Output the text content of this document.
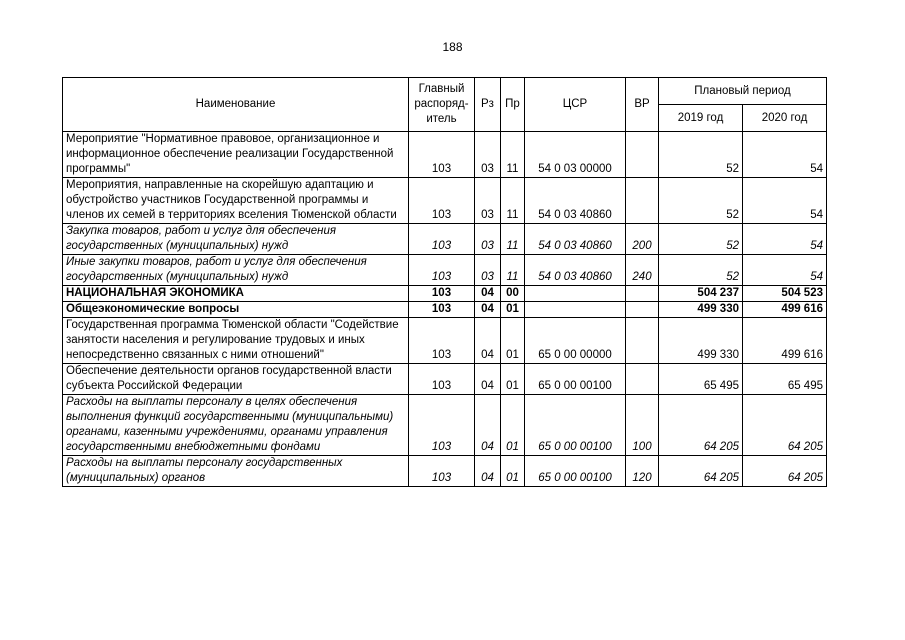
188
Наименование	Главный
распоряд-
итель	Рз	Пр	ЦСР	ВР	Плановый период	
						2019 год	2020 год
Мероприятие "Нормативное правовое, организационное и информационное обеспечение реализации Государственной программы"	103	03	11	54 0 03 00000		52	54
Мероприятия, направленные на скорейшую адаптацию и обустройство участников Государственной программы и членов их семей в территориях вселения Тюменской области	103	03	11	54 0 03 40860		52	54
Закупка товаров, работ и услуг для обеспечения государственных (муниципальных) нужд	103	03	11	54 0 03 40860	200	52	54
Иные закупки товаров, работ и услуг для обеспечения государственных (муниципальных) нужд	103	03	11	54 0 03 40860	240	52	54
НАЦИОНАЛЬНАЯ ЭКОНОМИКА	103	04	00			504 237	504 523
Общеэкономические вопросы	103	04	01			499 330	499 616
Государственная программа Тюменской области "Содействие занятости населения и регулирование трудовых и иных непосредственно связанных с ними отношений"	103	04	01	65 0 00 00000		499 330	499 616
Обеспечение деятельности органов государственной власти субъекта Российской Федерации	103	04	01	65 0 00 00100		65 495	65 495
Расходы на выплаты персоналу в целях обеспечения выполнения функций государственными (муниципальными) органами, казенными учреждениями, органами управления государственными внебюджетными фондами	103	04	01	65 0 00 00100	100	64 205	64 205
Расходы на выплаты персоналу государственных (муниципальных) органов	103	04	01	65 0 00 00100	120	64 205	64 205
